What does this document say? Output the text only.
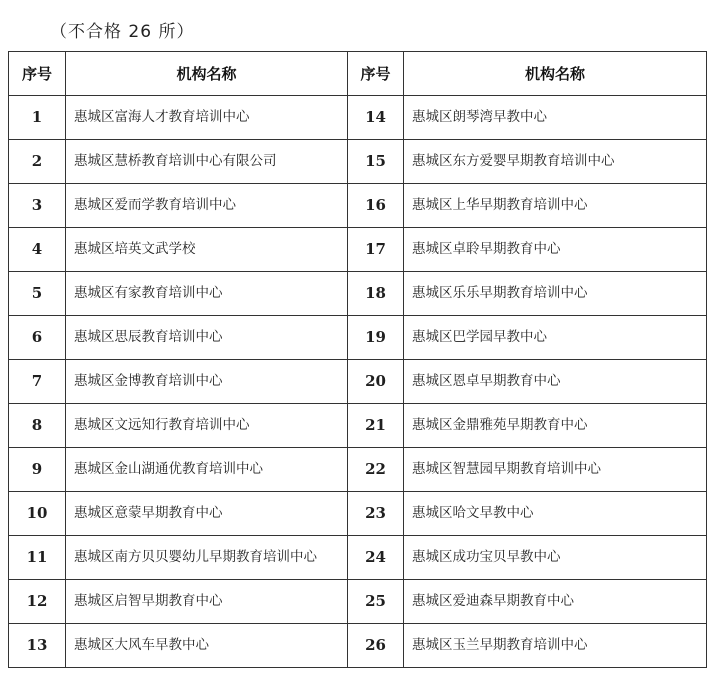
（不合格 26 所）
序号	机构名称	序号	机构名称
1	惠城区富海人才教育培训中心	14	惠城区朗琴湾早教中心
2	惠城区慧桥教育培训中心有限公司	15	惠城区东方爱婴早期教育培训中心
3	惠城区爱而学教育培训中心	16	惠城区上华早期教育培训中心
4	惠城区培英文武学校	17	惠城区卓聆早期教育中心
5	惠城区有家教育培训中心	18	惠城区乐乐早期教育培训中心
6	惠城区思辰教育培训中心	19	惠城区巴学园早教中心
7	惠城区金博教育培训中心	20	惠城区恩卓早期教育中心
8	惠城区文远知行教育培训中心	21	惠城区金鼎雅苑早期教育中心
9	惠城区金山湖通优教育培训中心	22	惠城区智慧园早期教育培训中心
10	惠城区意蒙早期教育中心	23	惠城区哈文早教中心
11	惠城区南方贝贝婴幼儿早期教育培训中心	24	惠城区成功宝贝早教中心
12	惠城区启智早期教育中心	25	惠城区爱迪森早期教育中心
13	惠城区大风车早教中心	26	惠城区玉兰早期教育培训中心
